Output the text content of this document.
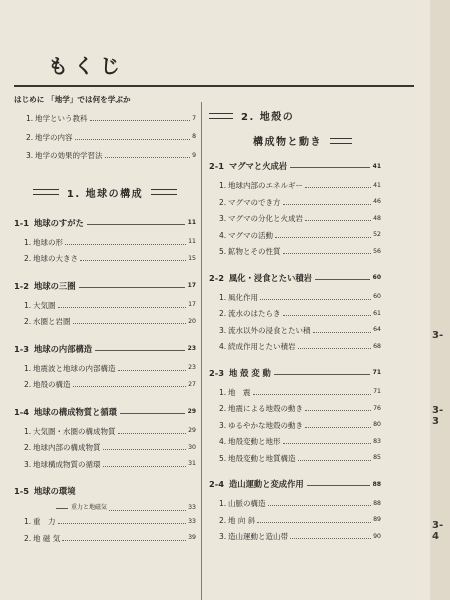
もくじ
はじめに 「地学」では何を学ぶか
1. 地学という教科	7
2. 地学の内容	8
3. 地学の効果的学習法	9
1. 地球の構成
1-1 地球のすがた	11
1. 地球の形	11
2. 地球の大きさ	15
1-2 地球の三圏	17
1. 大気圏	17
2. 水圏と岩圏	20
1-3 地球の内部構造	23
1. 地震波と地球の内部構造	23
2. 地殻の構造	27
1-4 地球の構成物質と循環	29
1. 大気圏・水圏の構成物質	29
2. 地球内部の構成物質	30
3. 地球構成物質の循環	31
1-5 地球の環境
重力と地磁気	33
1. 重　力	33
2. 地 磁 気	39
2. 地殻の
構成物と動き
2-1 マグマと火成岩	41
1. 地球内部のエネルギー	41
2. マグマのでき方	46
3. マグマの分化と火成岩	48
4. マグマの活動	52
5. 鉱物とその性質	56
2-2 風化・浸食とたい積岩	60
1. 風化作用	60
2. 流水のはたらき	61
3. 流水以外の浸食とたい積	64
4. 続成作用とたい積岩	68
2-3 地 殻 変 動	71
1. 地　震	71
2. 地震による地殻の動き	76
3. ゆるやかな地殻の動き	80
4. 地殻変動と地形	83
5. 地殻変動と地質構造	85
2-4 造山運動と変成作用	88
1. 山脈の構造	88
2. 地 向 斜	89
3. 造山運動と造山帯	90
3-
3-3
3-4
